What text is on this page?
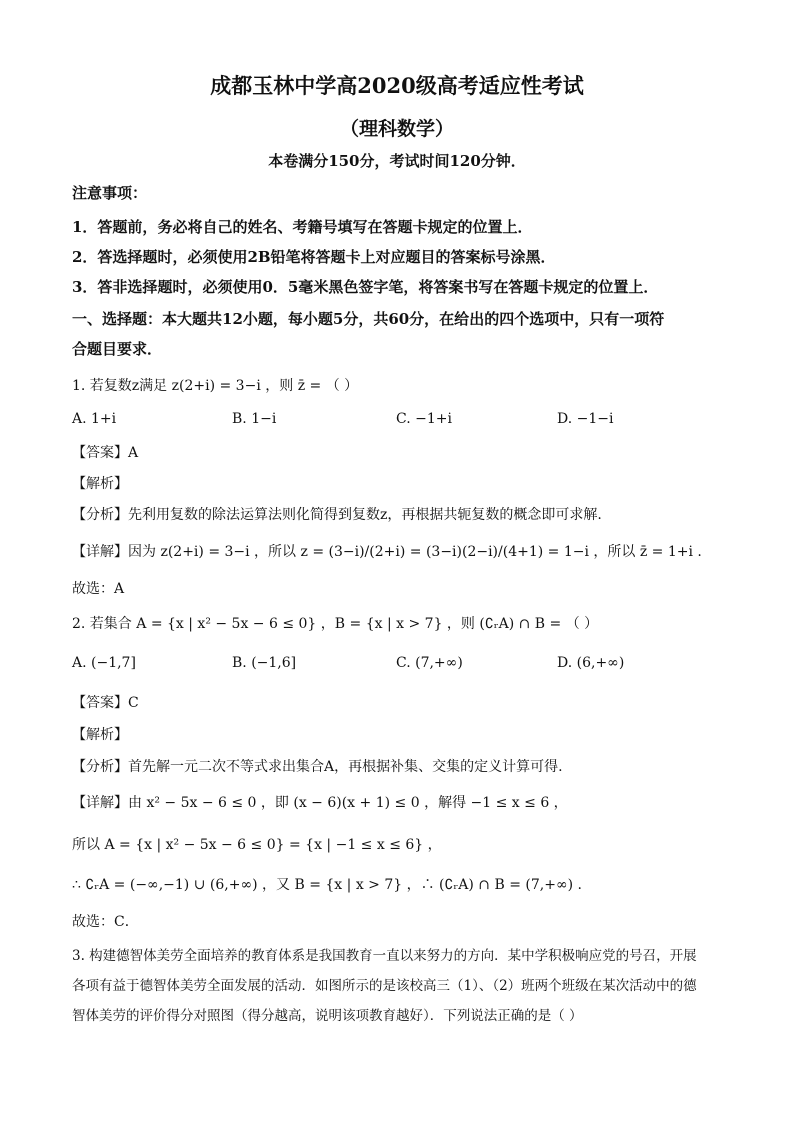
成都玉林中学高2020级高考适应性考试
（理科数学）
本卷满分150分，考试时间120分钟．
注意事项：
1．答题前，务必将自己的姓名、考籍号填写在答题卡规定的位置上．
2．答选择题时，必须使用2B铅笔将答题卡上对应题目的答案标号涂黑．
3．答非选择题时，必须使用0．5毫米黑色签字笔，将答案书写在答题卡规定的位置上．
一、选择题：本大题共12小题，每小题5分，共60分，在给出的四个选项中，只有一项符
合题目要求．
1. 若复数z满足 z(2+i) = 3−i ，则 z̄ = （ ）
A. 1+i	B. 1−i	C. −1+i	D. −1−i
【答案】A
【解析】
【分析】先利用复数的除法运算法则化简得到复数z，再根据共轭复数的概念即可求解.
【详解】因为 z(2+i) = 3−i ，所以 z = (3−i)/(2+i) = (3−i)(2−i)/(4+1) = 1−i ，所以 z̄ = 1+i .
故选：A
2. 若集合 A = {x | x² − 5x − 6 ≤ 0} ，B = {x | x > 7} ，则 (∁ᵣA) ∩ B = （ ）
A. (−1,7]	B. (−1,6]	C. (7,+∞)	D. (6,+∞)
【答案】C
【解析】
【分析】首先解一元二次不等式求出集合A，再根据补集、交集的定义计算可得.
【详解】由 x² − 5x − 6 ≤ 0 ，即 (x − 6)(x + 1) ≤ 0 ，解得 −1 ≤ x ≤ 6 ，
所以 A = {x | x² − 5x − 6 ≤ 0} = {x | −1 ≤ x ≤ 6} ，
∴ ∁ᵣA = (−∞,−1) ∪ (6,+∞) ，又 B = {x | x > 7} ，∴ (∁ᵣA) ∩ B = (7,+∞) .
故选：C．
3. 构建德智体美劳全面培养的教育体系是我国教育一直以来努力的方向．某中学积极响应党的号召，开展
各项有益于德智体美劳全面发展的活动．如图所示的是该校高三（1）、（2）班两个班级在某次活动中的德
智体美劳的评价得分对照图（得分越高，说明该项教育越好）．下列说法正确的是（ ）
